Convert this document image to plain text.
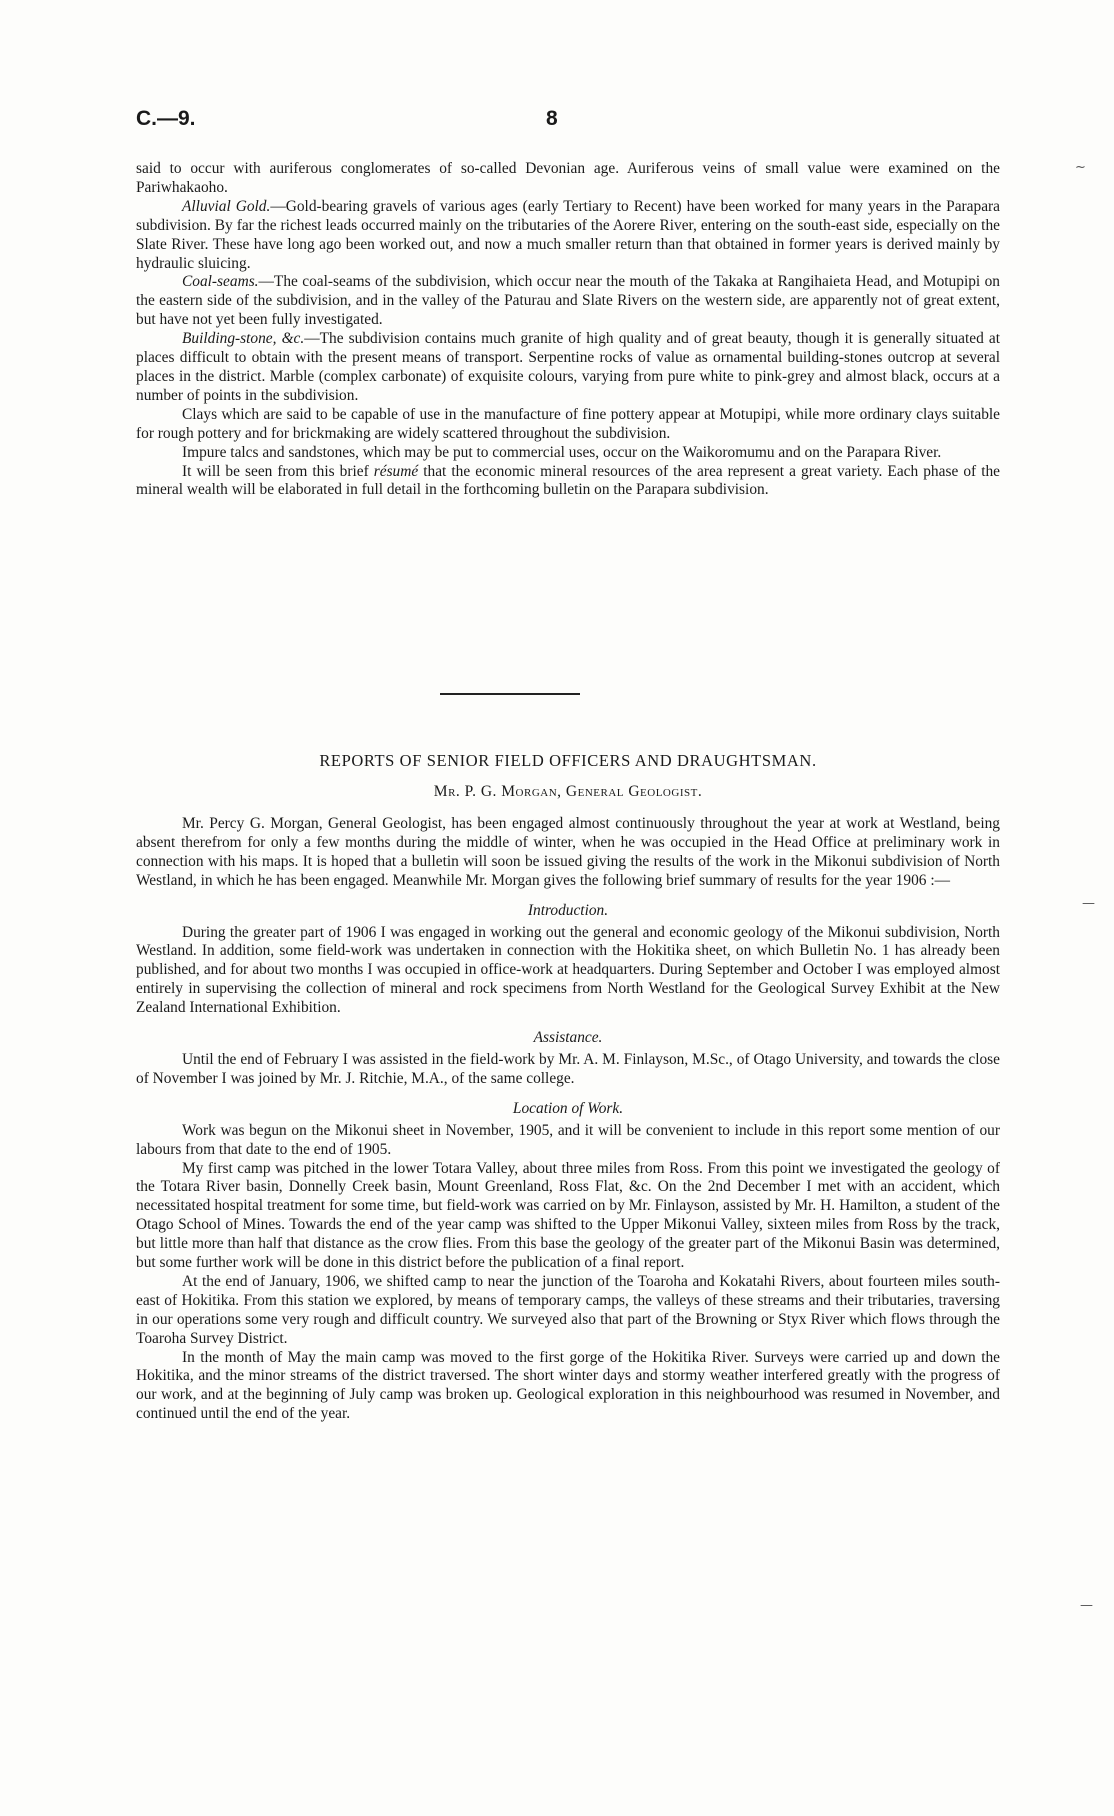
C.—9.	8
~
—
—

said to occur with auriferous conglomerates of so-called Devonian age. Auriferous veins of small value were examined on the Pariwhakaoho.

Alluvial Gold.—Gold-bearing gravels of various ages (early Tertiary to Recent) have been worked for many years in the Parapara subdivision. By far the richest leads occurred mainly on the tributaries of the Aorere River, entering on the south-east side, especially on the Slate River. These have long ago been worked out, and now a much smaller return than that obtained in former years is derived mainly by hydraulic sluicing.

Coal-seams.—The coal-seams of the subdivision, which occur near the mouth of the Takaka at Rangihaieta Head, and Motupipi on the eastern side of the subdivision, and in the valley of the Paturau and Slate Rivers on the western side, are apparently not of great extent, but have not yet been fully investigated.

Building-stone, &c.—The subdivision contains much granite of high quality and of great beauty, though it is generally situated at places difficult to obtain with the present means of transport. Serpentine rocks of value as ornamental building-stones outcrop at several places in the district. Marble (complex carbonate) of exquisite colours, varying from pure white to pink-grey and almost black, occurs at a number of points in the subdivision.

Clays which are said to be capable of use in the manufacture of fine pottery appear at Motupipi, while more ordinary clays suitable for rough pottery and for brickmaking are widely scattered throughout the subdivision.

Impure talcs and sandstones, which may be put to commercial uses, occur on the Waikoromumu and on the Parapara River.

It will be seen from this brief résumé that the economic mineral resources of the area represent a great variety. Each phase of the mineral wealth will be elaborated in full detail in the forthcoming bulletin on the Parapara subdivision.

REPORTS OF SENIOR FIELD OFFICERS AND DRAUGHTSMAN.
Mr. P. G. Morgan, General Geologist.

Mr. Percy G. Morgan, General Geologist, has been engaged almost continuously throughout the year at work at Westland, being absent therefrom for only a few months during the middle of winter, when he was occupied in the Head Office at preliminary work in connection with his maps. It is hoped that a bulletin will soon be issued giving the results of the work in the Mikonui subdivision of North Westland, in which he has been engaged. Meanwhile Mr. Morgan gives the following brief summary of results for the year 1906 :—

Introduction.

During the greater part of 1906 I was engaged in working out the general and economic geology of the Mikonui subdivision, North Westland. In addition, some field-work was undertaken in connection with the Hokitika sheet, on which Bulletin No. 1 has already been published, and for about two months I was occupied in office-work at headquarters. During September and October I was employed almost entirely in supervising the collection of mineral and rock specimens from North Westland for the Geological Survey Exhibit at the New Zealand International Exhibition.

Assistance.

Until the end of February I was assisted in the field-work by Mr. A. M. Finlayson, M.Sc., of Otago University, and towards the close of November I was joined by Mr. J. Ritchie, M.A., of the same college.

Location of Work.

Work was begun on the Mikonui sheet in November, 1905, and it will be convenient to include in this report some mention of our labours from that date to the end of 1905.

My first camp was pitched in the lower Totara Valley, about three miles from Ross. From this point we investigated the geology of the Totara River basin, Donnelly Creek basin, Mount Greenland, Ross Flat, &c. On the 2nd December I met with an accident, which necessitated hospital treatment for some time, but field-work was carried on by Mr. Finlayson, assisted by Mr. H. Hamilton, a student of the Otago School of Mines. Towards the end of the year camp was shifted to the Upper Mikonui Valley, sixteen miles from Ross by the track, but little more than half that distance as the crow flies. From this base the geology of the greater part of the Mikonui Basin was determined, but some further work will be done in this district before the publication of a final report.

At the end of January, 1906, we shifted camp to near the junction of the Toaroha and Kokatahi Rivers, about fourteen miles south-east of Hokitika. From this station we explored, by means of temporary camps, the valleys of these streams and their tributaries, traversing in our operations some very rough and difficult country. We surveyed also that part of the Browning or Styx River which flows through the Toaroha Survey District.

In the month of May the main camp was moved to the first gorge of the Hokitika River. Surveys were carried up and down the Hokitika, and the minor streams of the district traversed. The short winter days and stormy weather interfered greatly with the progress of our work, and at the beginning of July camp was broken up. Geological exploration in this neighbourhood was resumed in November, and continued until the end of the year.
